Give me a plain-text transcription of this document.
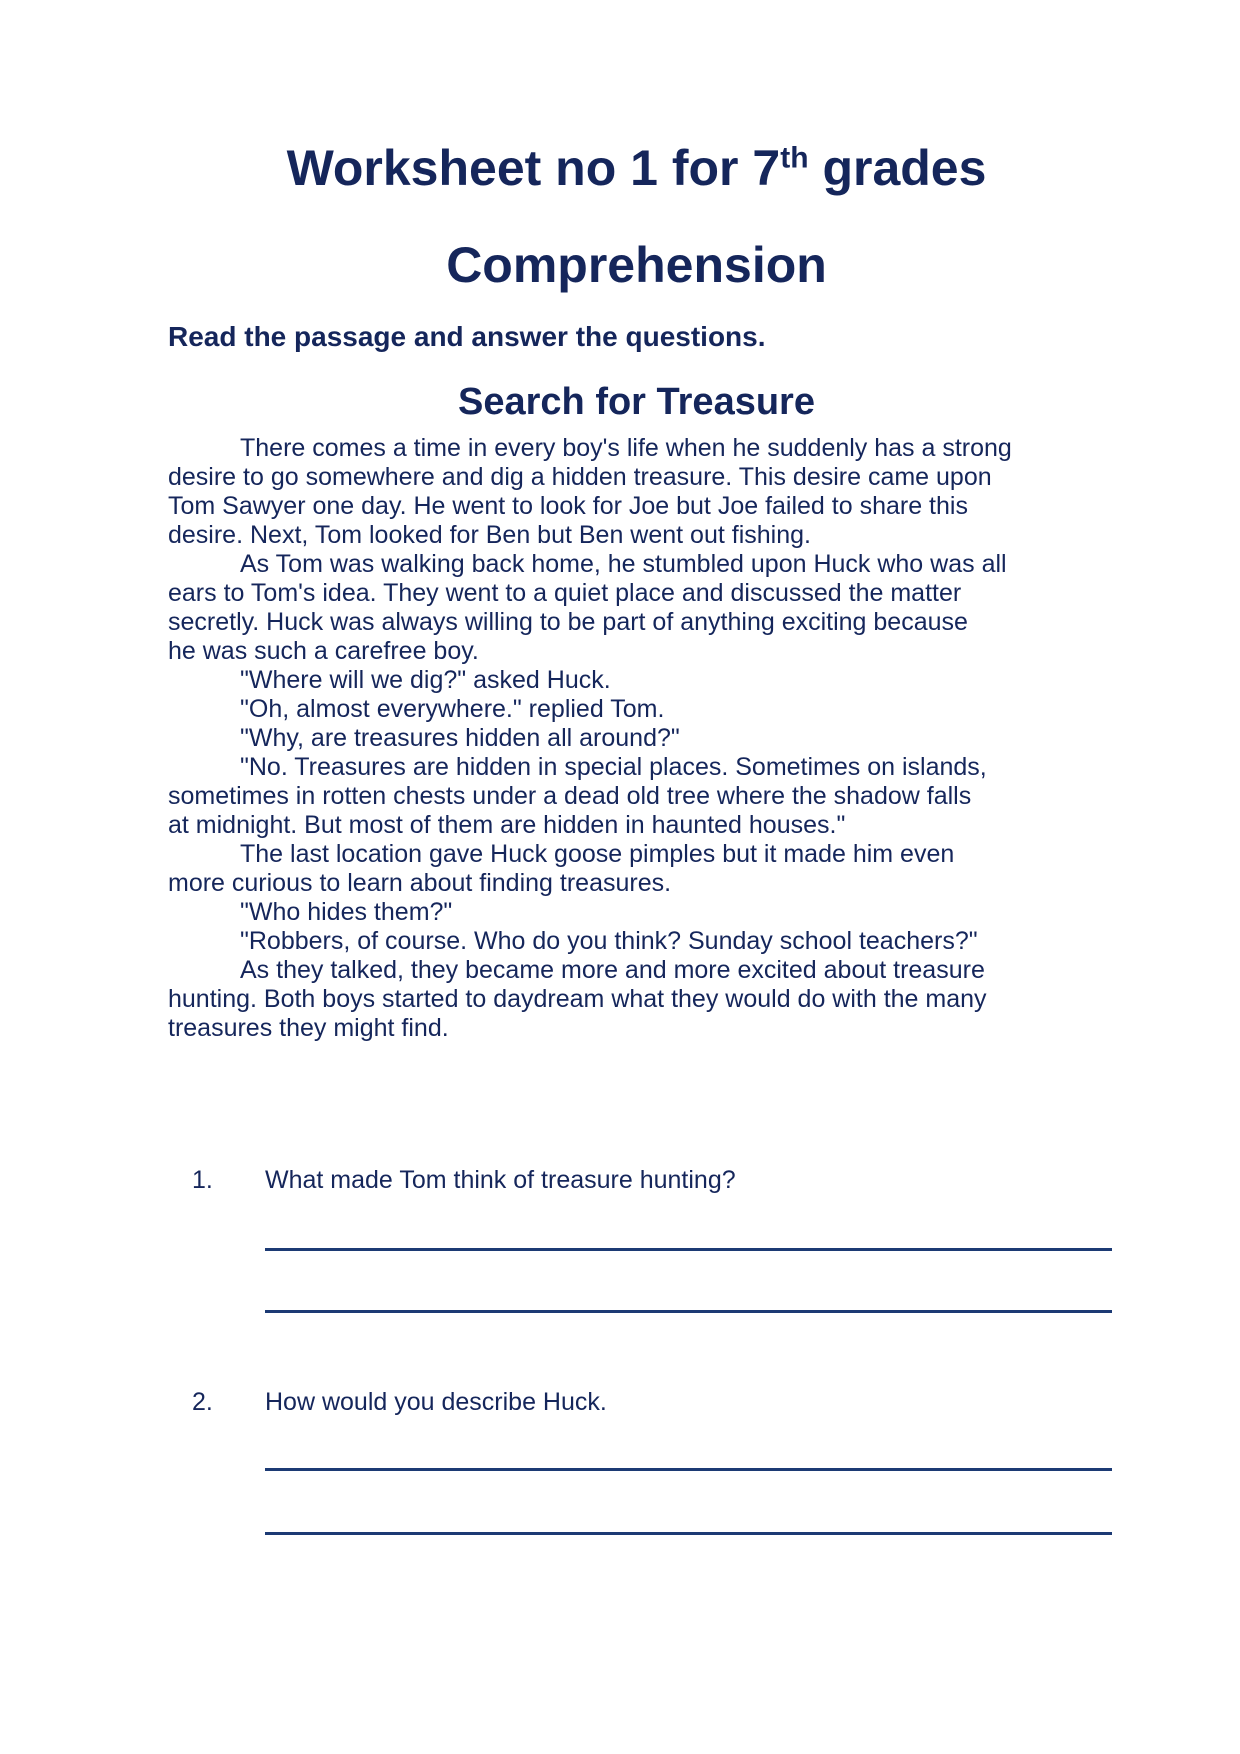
Worksheet no 1 for 7th grades
Comprehension

Read the passage and answer the questions.

Search for Treasure
There comes a time in every boy's life when he suddenly has a strong
desire to go somewhere and dig a hidden treasure. This desire came upon
Tom Sawyer one day. He went to look for Joe but Joe failed to share this
desire. Next, Tom looked for Ben but Ben went out fishing.
As Tom was walking back home, he stumbled upon Huck who was all
ears to Tom's idea. They went to a quiet place and discussed the matter
secretly. Huck was always willing to be part of anything exciting because
he was such a carefree boy.
"Where will we dig?" asked Huck.
"Oh, almost everywhere." replied Tom.
"Why, are treasures hidden all around?"
"No. Treasures are hidden in special places. Sometimes on islands,
sometimes in rotten chests under a dead old tree where the shadow falls
at midnight. But most of them are hidden in haunted houses."
The last location gave Huck goose pimples but it made him even
more curious to learn about finding treasures.
"Who hides them?"
"Robbers, of course. Who do you think? Sunday school teachers?"
As they talked, they became more and more excited about treasure
hunting. Both boys started to daydream what they would do with the many
treasures they might find.
1.	What made Tom think of treasure hunting?
2.	How would you describe Huck.
